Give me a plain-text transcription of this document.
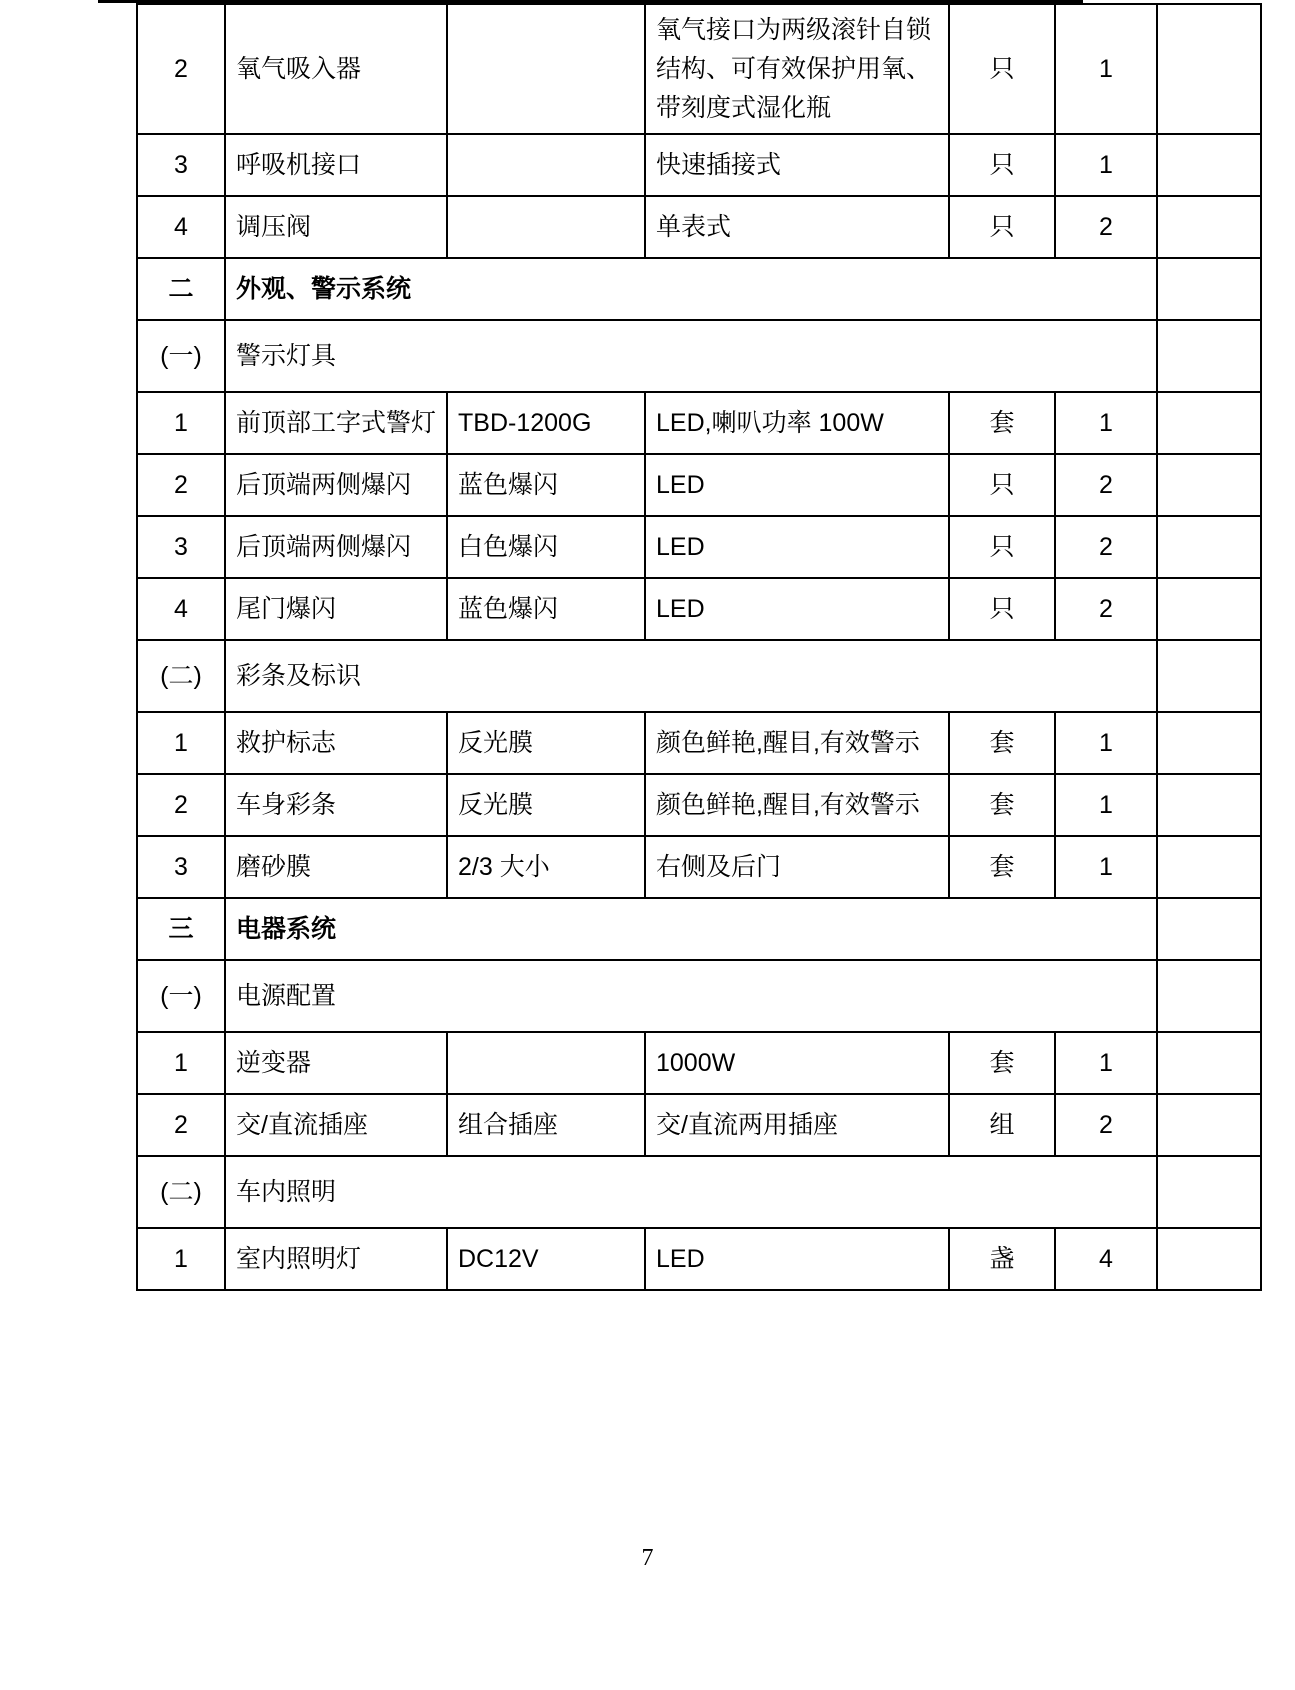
2	氧气吸入器		氧气接口为两级滚针自锁结构、可有效保护用氧、带刻度式湿化瓶	只	1	
3	呼吸机接口		快速插接式	只	1	
4	调压阀		单表式	只	2	
二	外观、警示系统					
(一)	警示灯具					
1	前顶部工字式警灯	TBD-1200G	LED,喇叭功率 100W	套	1	
2	后顶端两侧爆闪	蓝色爆闪	LED	只	2	
3	后顶端两侧爆闪	白色爆闪	LED	只	2	
4	尾门爆闪	蓝色爆闪	LED	只	2	
(二)	彩条及标识					
1	救护标志	反光膜	颜色鲜艳,醒目,有效警示	套	1	
2	车身彩条	反光膜	颜色鲜艳,醒目,有效警示	套	1	
3	磨砂膜	2/3 大小	右侧及后门	套	1	
三	电器系统					
(一)	电源配置					
1	逆变器		1000W	套	1	
2	交/直流插座	组合插座	交/直流两用插座	组	2	
(二)	车内照明					
1	室内照明灯	DC12V	LED	盏	4	
7
